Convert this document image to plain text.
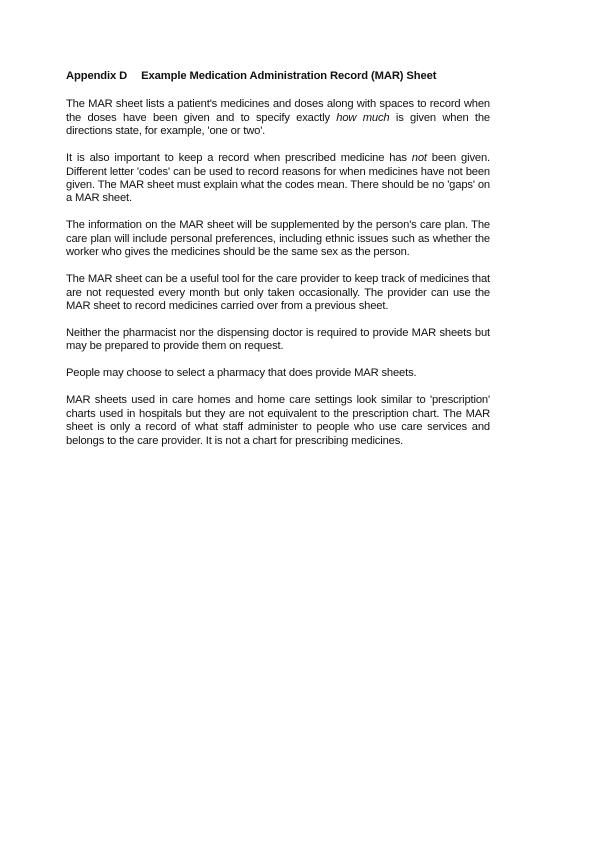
Appendix D Example Medication Administration Record (MAR) Sheet

The MAR sheet lists a patient's medicines and doses along with spaces to record when the doses have been given and to specify exactly how much is given when the directions state, for example, 'one or two'.

It is also important to keep a record when prescribed medicine has not been given. Different letter 'codes' can be used to record reasons for when medicines have not been given. The MAR sheet must explain what the codes mean. There should be no 'gaps' on a MAR sheet.

The information on the MAR sheet will be supplemented by the person's care plan. The care plan will include personal preferences, including ethnic issues such as whether the worker who gives the medicines should be the same sex as the person.

The MAR sheet can be a useful tool for the care provider to keep track of medicines that are not requested every month but only taken occasionally. The provider can use the MAR sheet to record medicines carried over from a previous sheet.

Neither the pharmacist nor the dispensing doctor is required to provide MAR sheets but may be prepared to provide them on request.

People may choose to select a pharmacy that does provide MAR sheets.

MAR sheets used in care homes and home care settings look similar to 'prescription' charts used in hospitals but they are not equivalent to the prescription chart. The MAR sheet is only a record of what staff administer to people who use care services and belongs to the care provider. It is not a chart for prescribing medicines.
